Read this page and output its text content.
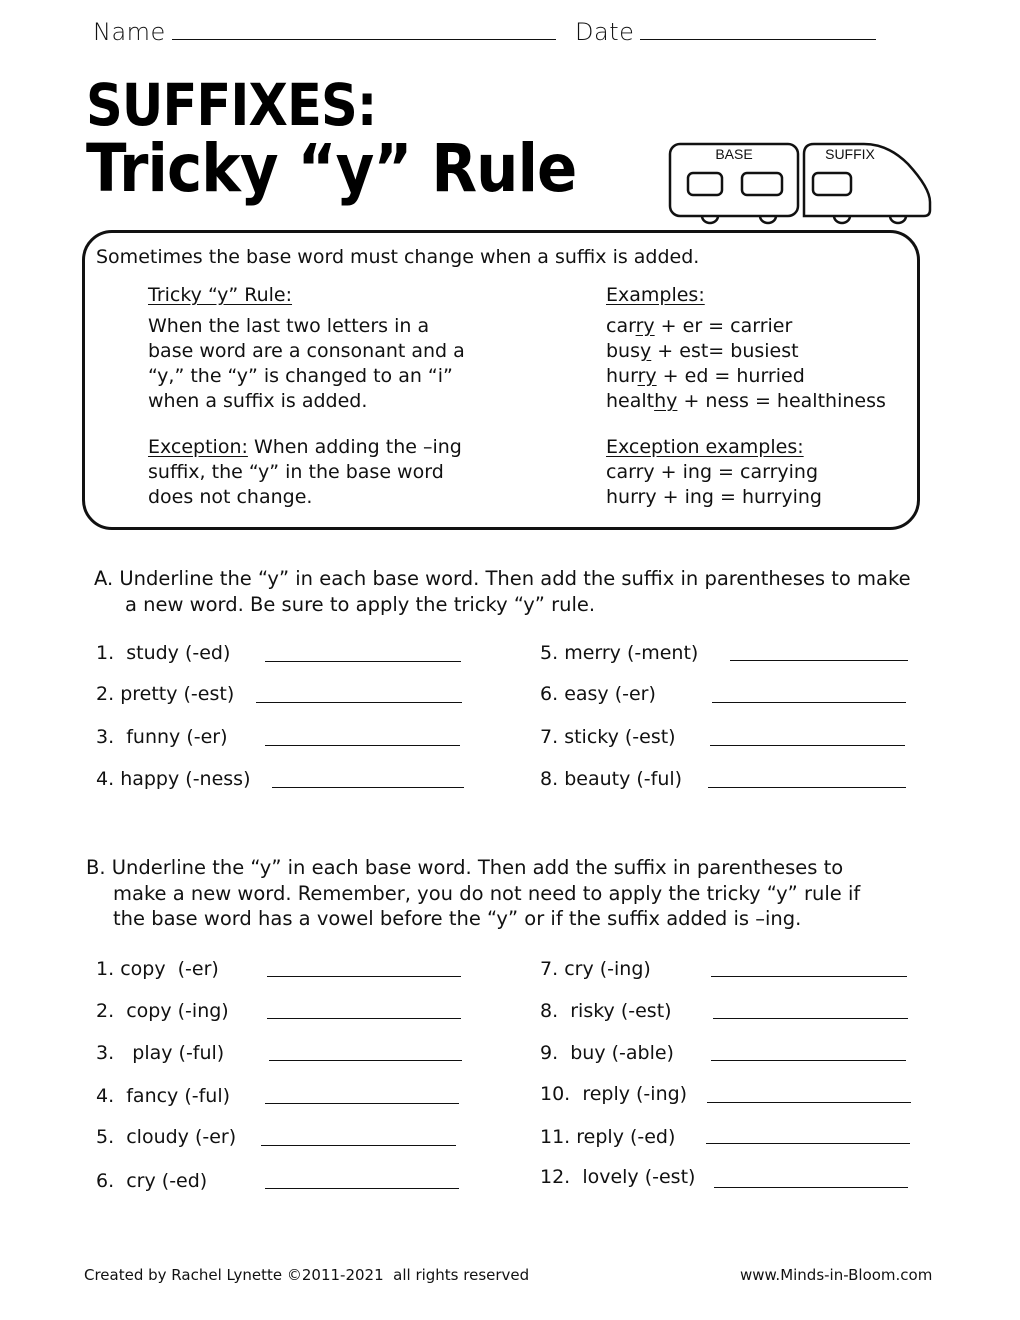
Name	Date
SUFFIXES:
Tricky “y” Rule	BASE	SUFFIX
Sometimes the base word must change when a suffix is added.
Tricky “y” Rule:
When the last two letters in a
base word are a consonant and a
“y,” the “y” is changed to an “i”
when a suffix is added.
Exception: When adding the –ing
suffix, the “y” in the base word
does not change.
Examples:
carry + er = carrier
busy + est= busiest
hurry + ed = hurried
healthy + ness = healthiness
Exception examples:
carry + ing = carrying
hurry + ing = hurrying
A. Underline the “y” in each base word. Then add the suffix in parentheses to make
a new word. Be sure to apply the tricky “y” rule.
1. study (-ed)
2. pretty (-est)
3. funny (-er)
4. happy (-ness)
5. merry (-ment)
6. easy (-er)
7. sticky (-est)
8. beauty (-ful)
B. Underline the “y” in each base word. Then add the suffix in parentheses to
make a new word. Remember, you do not need to apply the tricky “y” rule if
the base word has a vowel before the “y” or if the suffix added is –ing.
1. copy  (-er)
2. copy (-ing)
3. play (-ful)
4. fancy (-ful)
5. cloudy (-er)
6. cry (-ed)
7. cry (-ing)
8. risky (-est)
9. buy (-able)
10. reply (-ing)
11. reply (-ed)
12. lovely (-est)
Created by Rachel Lynette ©2011-2021  all rights reserved	www.Minds-in-Bloom.com
